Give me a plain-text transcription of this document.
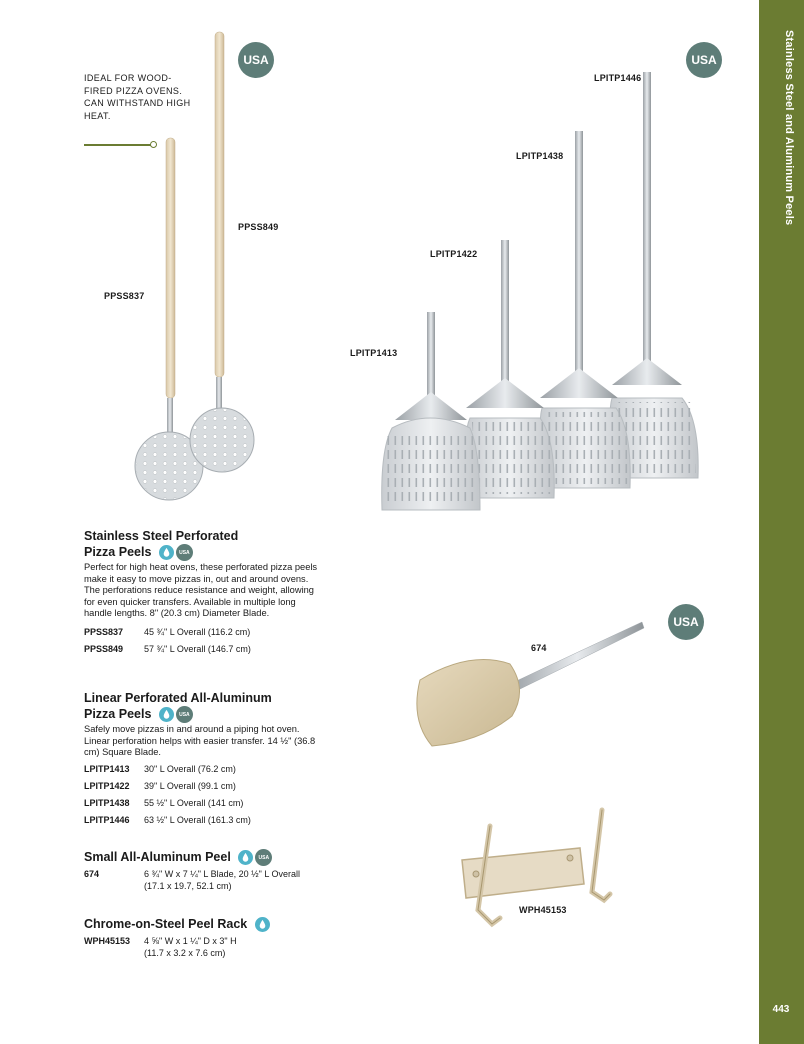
Stainless Steel and Aluminum Peels
443
USA	USA
USA
IDEAL FOR WOOD-FIRED PIZZA OVENS. CAN WITHSTAND HIGH HEAT.
PPSS837
PPSS849
LPITP1413
LPITP1422
LPITP1438
LPITP1446
674
WPH45153
Stainless Steel Perforated
Pizza Peels	USA
Perfect for high heat ovens, these perforated pizza peels make it easy to move pizzas in, out and around ovens. The perforations reduce resistance and weight, allowing for even quicker transfers. Available in multiple long handle lengths. 8" (20.3 cm) Diameter Blade.
PPSS837	45 ¾" L Overall (116.2 cm)
PPSS849	57 ¾" L Overall (146.7 cm)
Linear Perforated All-Aluminum
Pizza Peels	USA
Safely move pizzas in and around a piping hot oven. Linear perforation helps with easier transfer. 14 ½" (36.8 cm) Square Blade.
LPITP1413	30" L Overall (76.2 cm)
LPITP1422	39" L Overall (99.1 cm)
LPITP1438	55 ½" L Overall (141 cm)
LPITP1446	63 ½" L Overall (161.3 cm)
Small All-Aluminum Peel	USA
674	6 ¾" W x 7 ¼" L Blade, 20 ½" L Overall
(17.1 x 19.7, 52.1 cm)
Chrome-on-Steel Peel Rack
WPH45153	4 ⅝" W x 1 ¼" D x 3" H
(11.7 x 3.2 x 7.6 cm)
